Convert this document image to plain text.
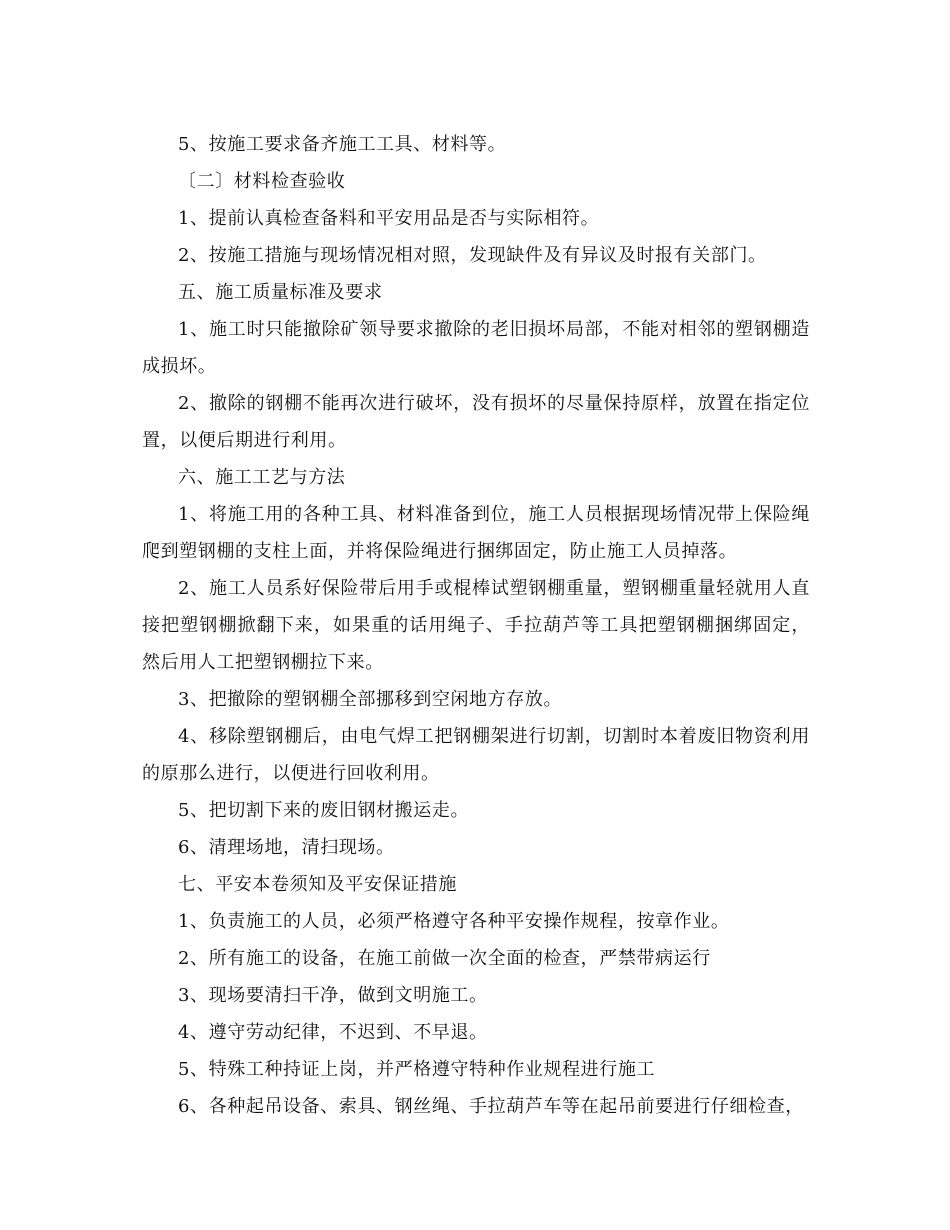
5、按施工要求备齐施工工具、材料等。

〔二〕材料检查验收

1、提前认真检查备料和平安用品是否与实际相符。

2、按施工措施与现场情况相对照，发现缺件及有异议及时报有关部门。

五、施工质量标准及要求

1、施工时只能撤除矿领导要求撤除的老旧损坏局部，不能对相邻的塑钢棚造成损坏。

2、撤除的钢棚不能再次进行破坏，没有损坏的尽量保持原样，放置在指定位置，以便后期进行利用。

六、施工工艺与方法

1、将施工用的各种工具、材料准备到位，施工人员根据现场情况带上保险绳爬到塑钢棚的支柱上面，并将保险绳进行捆绑固定，防止施工人员掉落。

2、施工人员系好保险带后用手或棍棒试塑钢棚重量，塑钢棚重量轻就用人直接把塑钢棚掀翻下来，如果重的话用绳子、手拉葫芦等工具把塑钢棚捆绑固定，然后用人工把塑钢棚拉下来。

3、把撤除的塑钢棚全部挪移到空闲地方存放。

4、移除塑钢棚后，由电气焊工把钢棚架进行切割，切割时本着废旧物资利用的原那么进行，以便进行回收利用。

5、把切割下来的废旧钢材搬运走。

6、清理场地，清扫现场。

七、平安本卷须知及平安保证措施

1、负责施工的人员，必须严格遵守各种平安操作规程，按章作业。

2、所有施工的设备，在施工前做一次全面的检查，严禁带病运行

3、现场要清扫干净，做到文明施工。

4、遵守劳动纪律，不迟到、不早退。

5、特殊工种持证上岗，并严格遵守特种作业规程进行施工

6、各种起吊设备、索具、钢丝绳、手拉葫芦车等在起吊前要进行仔细检查，
